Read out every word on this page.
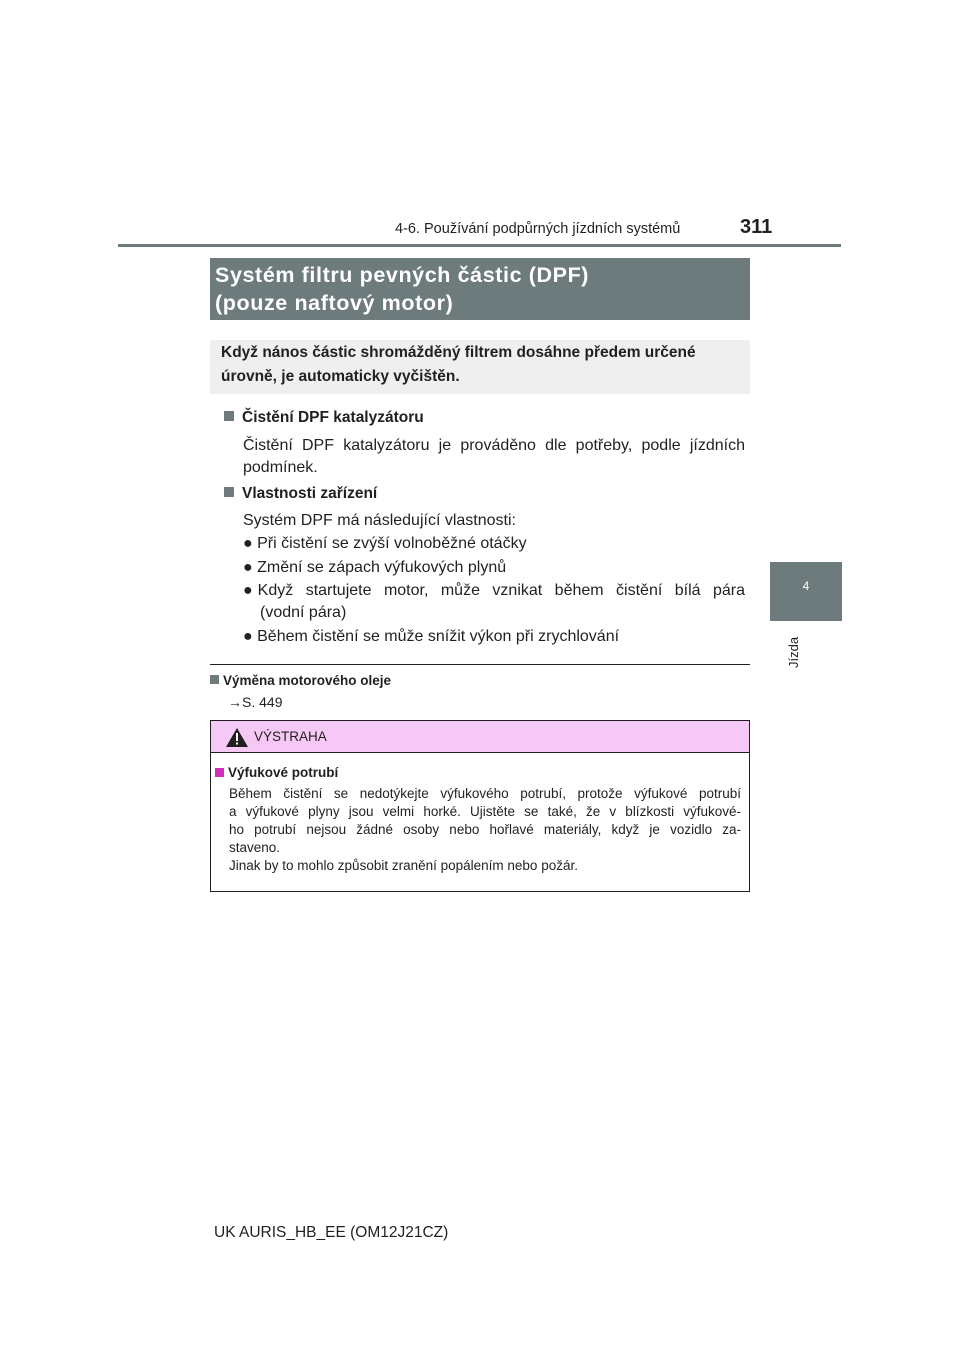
4-6. Používání podpůrných jízdních systémů	311
4
Jízda
Systém filtru pevných částic (DPF)
(pouze naftový motor)
Když nános částic shromážděný filtrem dosáhne předem určené
úrovně, je automaticky vyčištěn.
Čistění DPF katalyzátoru
Čistění DPF katalyzátoru je prováděno dle potřeby, podle jízdních
podmínek.
Vlastnosti zařízení
Systém DPF má následující vlastnosti:
● Při čistění se zvýší volnoběžné otáčky
● Změní se zápach výfukových plynů
● Když startujete motor, může vznikat během čistění bílá pára
(vodní pára)
● Během čistění se může snížit výkon při zrychlování
Výměna motorového oleje
→S. 449
VÝSTRAHA
Výfukové potrubí
Během čistění se nedotýkejte výfukového potrubí, protože výfukové potrubí
a výfukové plyny jsou velmi horké. Ujistěte se také, že v blízkosti výfukové-
ho potrubí nejsou žádné osoby nebo hořlavé materiály, když je vozidlo za-
staveno.
Jinak by to mohlo způsobit zranění popálením nebo požár.
UK AURIS_HB_EE (OM12J21CZ)
